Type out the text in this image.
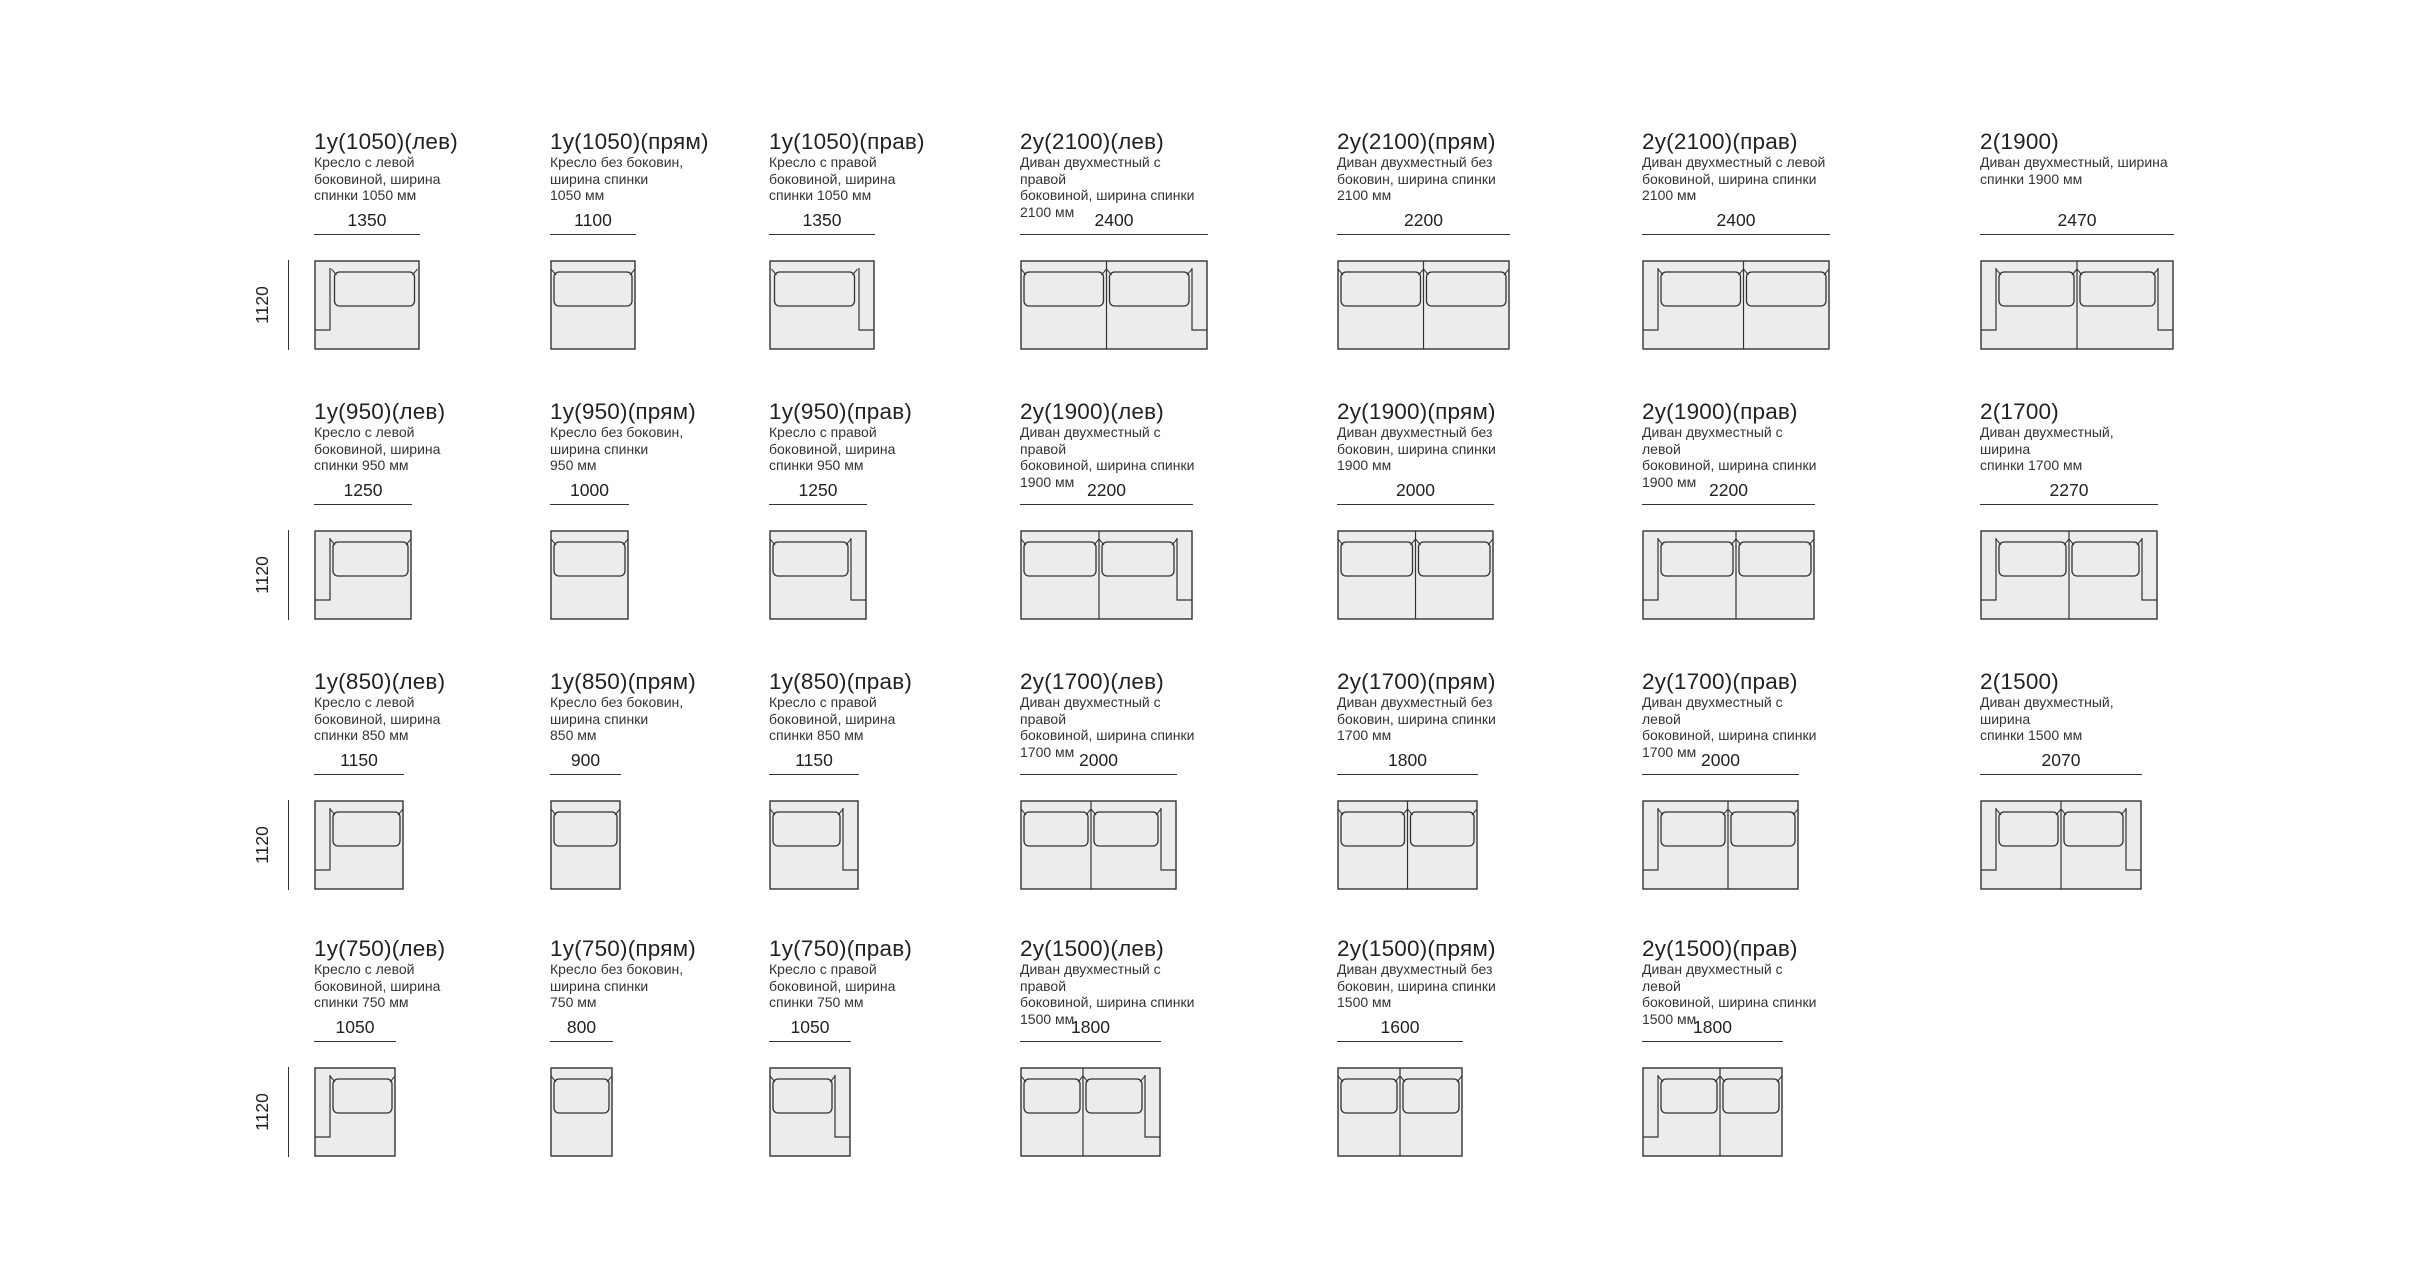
1120
1у(1050)(лев)
Кресло с левой
боковиной, ширина
спинки 1050 мм
1350
1у(1050)(прям)
Кресло без боковин,
ширина спинки
1050 мм
1100
1у(1050)(прав)
Кресло с правой
боковиной, ширина
спинки 1050 мм
1350
2у(2100)(лев)
Диван двухместный с правой
боковиной, ширина спинки
2100 мм	2400
2у(2100)(прям)
Диван двухместный без
боковин, ширина спинки
2100 мм
2200
2у(2100)(прав)
Диван двухместный с левой
боковиной, ширина спинки
2100 мм
2400
2(1900)
Диван двухместный, ширина
спинки 1900 мм
2470
1120
1у(950)(лев)
Кресло с левой
боковиной, ширина
спинки 950 мм
1250
1у(950)(прям)
Кресло без боковин,
ширина спинки
950 мм
1000
1у(950)(прав)
Кресло с правой
боковиной, ширина
спинки 950 мм
1250
2у(1900)(лев)
Диван двухместный с правой
боковиной, ширина спинки
1900 мм 2200
2у(1900)(прям)
Диван двухместный без
боковин, ширина спинки
1900 мм
2000
2у(1900)(прав)
Диван двухместный с левой
боковиной, ширина спинки
1900 мм 2200
2(1700)
Диван двухместный, ширина
спинки 1700 мм
2270
1120
1у(850)(лев)
Кресло с левой
боковиной, ширина
спинки 850 мм
1150
1у(850)(прям)
Кресло без боковин,
ширина спинки
850 мм
900
1у(850)(прав)
Кресло с правой
боковиной, ширина
спинки 850 мм
1150
2у(1700)(лев)
Диван двухместный с правой
боковиной, ширина спинки
1700 мм 2000
2у(1700)(прям)
Диван двухместный без
боковин, ширина спинки
1700 мм
1800
2у(1700)(прав)
Диван двухместный с левой
боковиной, ширина спинки
1700 мм 2000
2(1500)
Диван двухместный, ширина
спинки 1500 мм
2070
1120
1у(750)(лев)
Кресло с левой
боковиной, ширина
спинки 750 мм
1050
1у(750)(прям)
Кресло без боковин,
ширина спинки
750 мм
800
1у(750)(прав)
Кресло с правой
боковиной, ширина
спинки 750 мм
1050
2у(1500)(лев)
Диван двухместный с правой
боковиной, ширина спинки
1500 мм
1800
2у(1500)(прям)
Диван двухместный без
боковин, ширина спинки
1500 мм
1600
2у(1500)(прав)
Диван двухместный с левой
боковиной, ширина спинки
1500 мм
1800
